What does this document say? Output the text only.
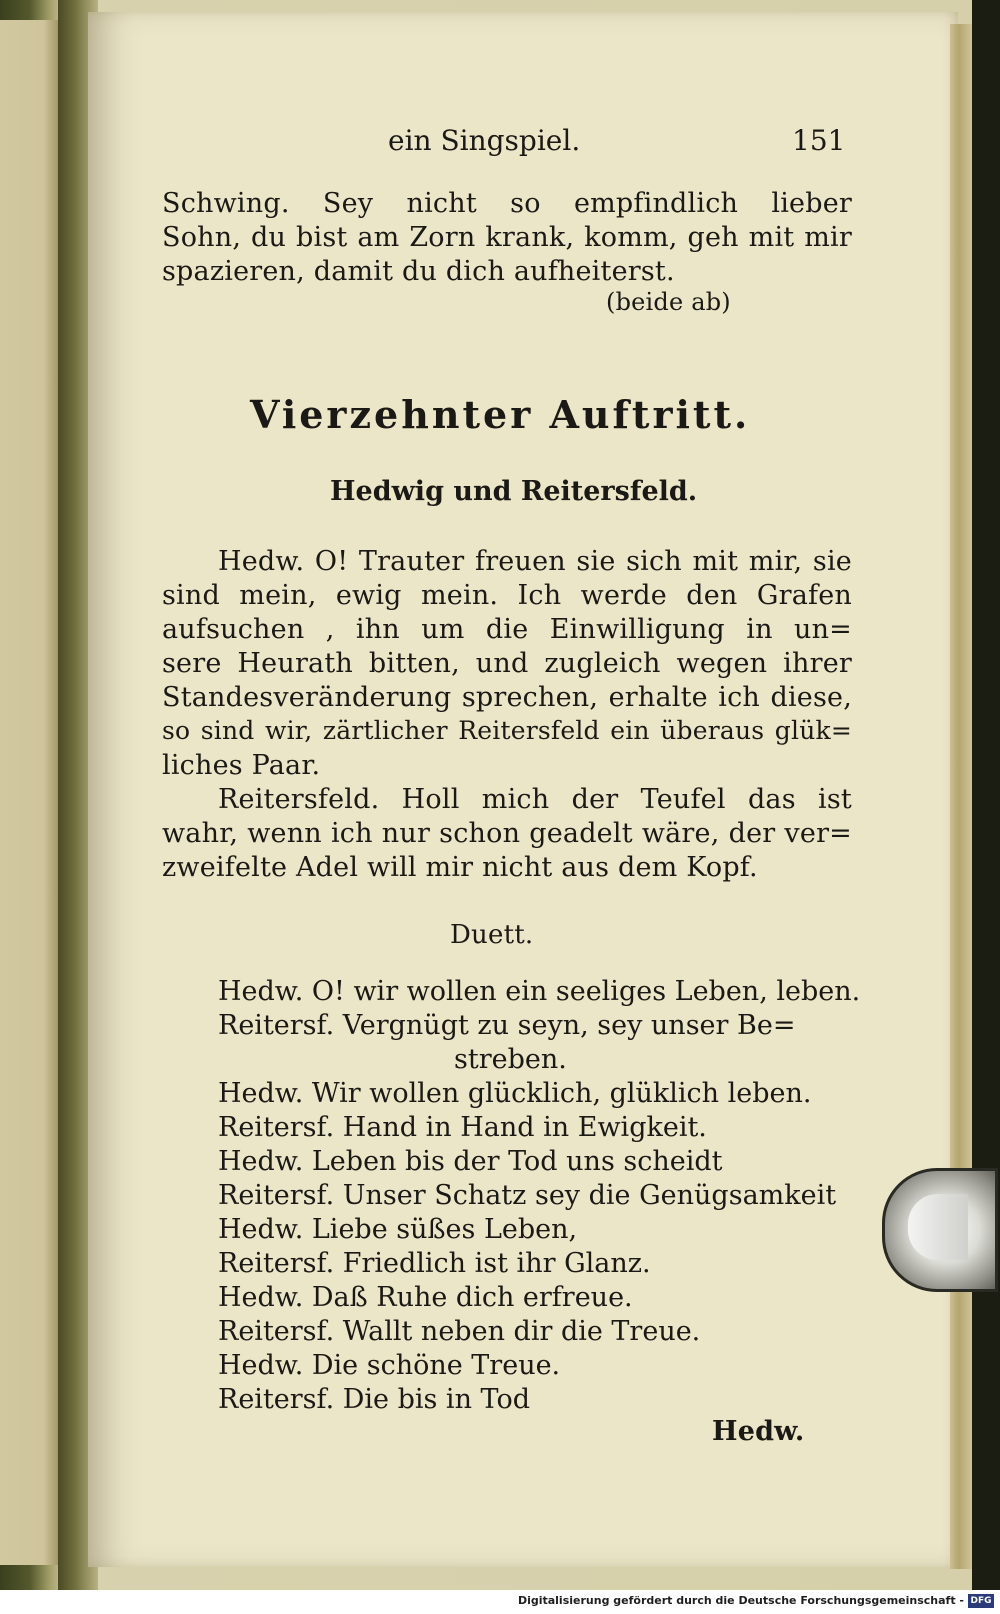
ein Singspiel.	151
Schwing. Sey nicht so empfindlich lieber
Sohn, du bist am Zorn krank, komm, geh mit mir
spazieren, damit du dich aufheiterst.
(beide ab)
Vierzehnter Auftritt.
Hedwig und Reitersfeld.
Hedw. O! Trauter freuen sie sich mit mir, sie
sind mein, ewig mein. Ich werde den Grafen
aufsuchen , ihn um die Einwilligung in un=
sere Heurath bitten, und zugleich wegen ihrer
Standesveränderung sprechen, erhalte ich diese,
so sind wir, zärtlicher Reitersfeld ein überaus glük=
liches Paar.
Reitersfeld. Holl mich der Teufel das ist
wahr, wenn ich nur schon geadelt wäre, der ver=
zweifelte Adel will mir nicht aus dem Kopf.
Duett.
Hedw. O! wir wollen ein seeliges Leben, leben.
Reitersf. Vergnügt zu seyn, sey unser Be=
streben.
Hedw. Wir wollen glücklich, glüklich leben.
Reitersf. Hand in Hand in Ewigkeit.
Hedw. Leben bis der Tod uns scheidt
Reitersf. Unser Schatz sey die Genügsamkeit
Hedw. Liebe süßes Leben,
Reitersf. Friedlich ist ihr Glanz.
Hedw. Daß Ruhe dich erfreue.
Reitersf. Wallt neben dir die Treue.
Hedw. Die schöne Treue.
Reitersf. Die bis in Tod
Hedw.
Digitalisierung gefördert durch die Deutsche Forschungsgemeinschaft - DFG
